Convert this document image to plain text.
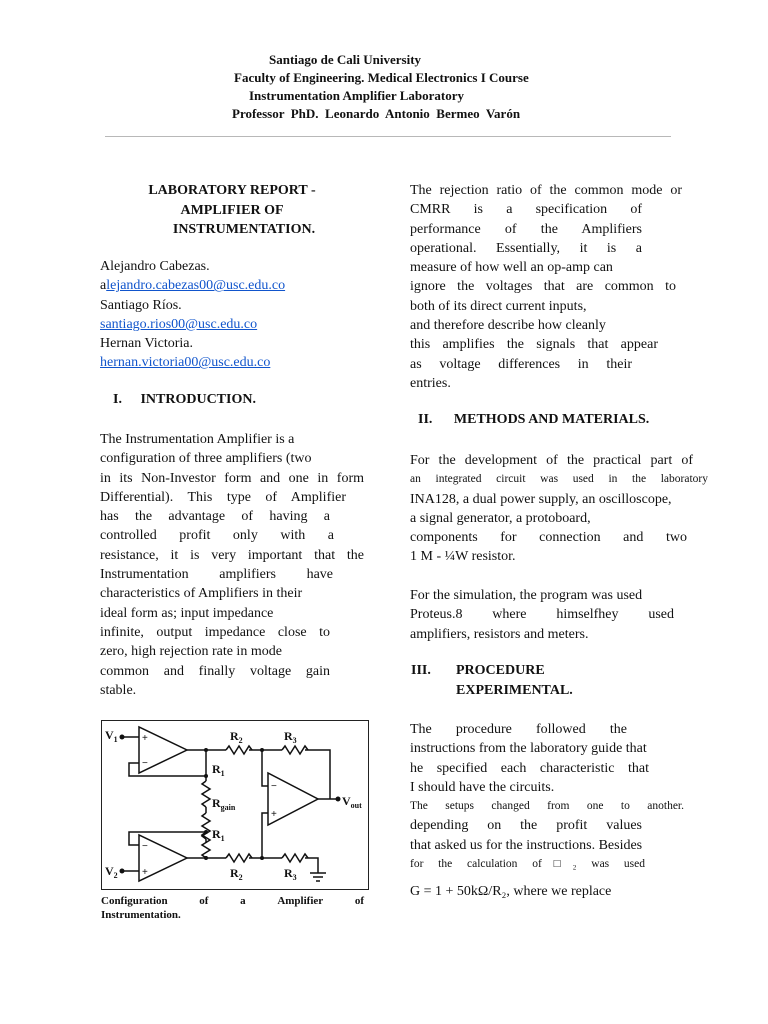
Santiago de Cali University
Faculty of Engineering. Medical Electronics I Course
Instrumentation Amplifier Laboratory
Professor  PhD.  Leonardo  Antonio  Bermeo  Varón
LABORATORY REPORT -
AMPLIFIER OF
INSTRUMENTATION.
Alejandro Cabezas.
alejandro.cabezas00@usc.edu.co
Santiago Ríos.
santiago.rios00@usc.edu.co
Hernan Victoria.
hernan.victoria00@usc.edu.co
I. INTRODUCTION.
The Instrumentation Amplifier is a
configuration of three amplifiers (two
in its Non-Investor form and one in form
Differential). This type of Amplifier
has the advantage of having a
controlled profit only with a
resistance, it is very important that the
Instrumentation amplifiers have
characteristics of Amplifiers in their
ideal form as; input impedance
infinite, output impedance close to
zero, high rejection rate in mode
common and finally voltage gain
stable.
$V_1$
$V_2$
$R_2$	$R_3$
$R_1$
$R_{gain}$
$R_1$
$R_2$	$R_3$
$V_{out}$
+
−
−
+
−
+
Configuration	of	a	Amplifier	of
Instrumentation.
The rejection ratio of the common mode or
CMRR is a specification of
performance of the Amplifiers
operational. Essentially, it is a
measure of how well an op-amp can
ignore the voltages that are common to
both of its direct current inputs,
and therefore describe how cleanly
this amplifies the signals that appear
as voltage differences in their
entries.
II. METHODS AND MATERIALS.
For the development of the practical part of
an integrated circuit was used in the laboratory
INA128, a dual power supply, an oscilloscope,
a signal generator, a protoboard,
components for connection and two
1 M - ¼W resistor.
For the simulation, the program was used
Proteus.8 where himselfhey used
amplifiers, resistors and meters.
III. PROCEDURE
EXPERIMENTAL.
The procedure followed the
instructions from the laboratory guide that
he specified each characteristic that
I should have the circuits.
The setups changed from one to another.
depending on the profit values
that asked us for the instructions. Besides
for the calculation of□₂ was used
G = 1 + 50kΩ/R₂, where we replace
